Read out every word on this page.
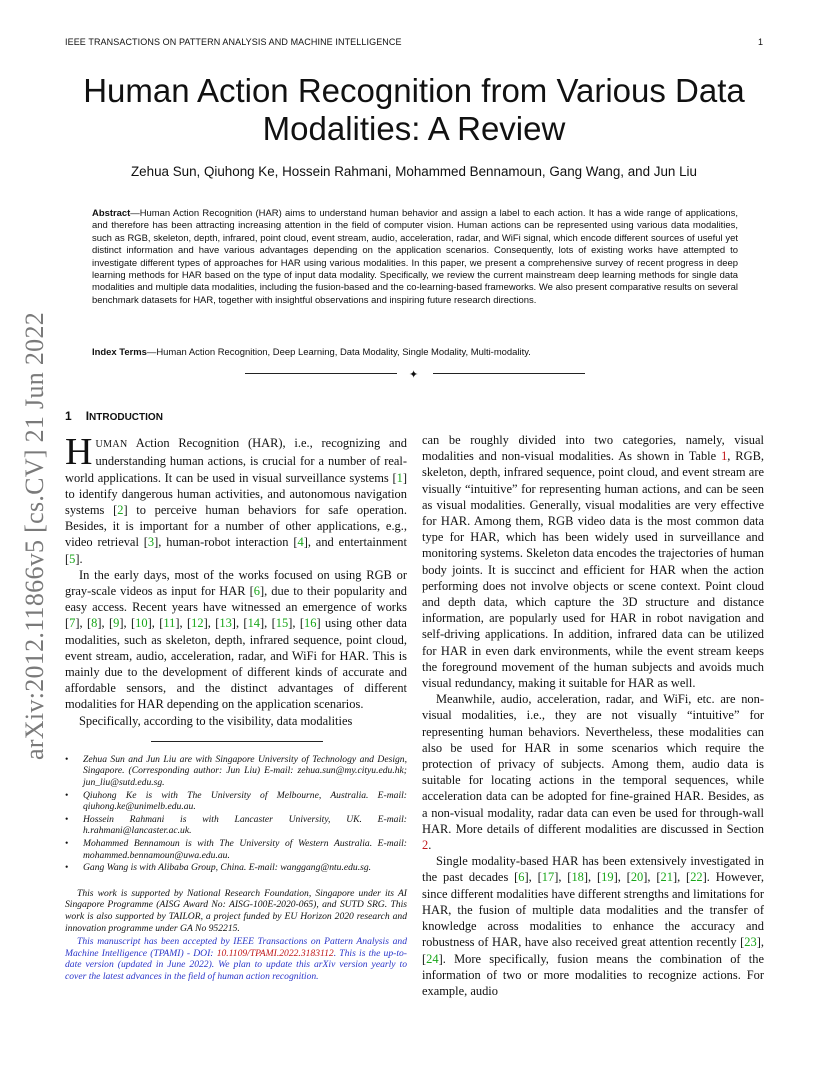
IEEE TRANSACTIONS ON PATTERN ANALYSIS AND MACHINE INTELLIGENCE	1
Human Action Recognition from Various Data Modalities: A Review
Zehua Sun, Qiuhong Ke, Hossein Rahmani, Mohammed Bennamoun, Gang Wang, and Jun Liu
Abstract—Human Action Recognition (HAR) aims to understand human behavior and assign a label to each action. It has a wide range of applications, and therefore has been attracting increasing attention in the field of computer vision. Human actions can be represented using various data modalities, such as RGB, skeleton, depth, infrared, point cloud, event stream, audio, acceleration, radar, and WiFi signal, which encode different sources of useful yet distinct information and have various advantages depending on the application scenarios. Consequently, lots of existing works have attempted to investigate different types of approaches for HAR using various modalities. In this paper, we present a comprehensive survey of recent progress in deep learning methods for HAR based on the type of input data modality. Specifically, we review the current mainstream deep learning methods for single data modalities and multiple data modalities, including the fusion-based and the co-learning-based frameworks. We also present comparative results on several benchmark datasets for HAR, together with insightful observations and inspiring future research directions.
Index Terms—Human Action Recognition, Deep Learning, Data Modality, Single Modality, Multi-modality.
✦
arXiv:2012.11866v5 [cs.CV] 21 Jun 2022 1 INTRODUCTION

HUMAN Action Recognition (HAR), i.e., recognizing and understanding human actions, is crucial for a number of real-world applications. It can be used in visual surveillance systems [1] to identify dangerous human activities, and autonomous navigation systems [2] to perceive human behaviors for safe operation. Besides, it is important for a number of other applications, e.g., video retrieval [3], human-robot interaction [4], and entertainment [5].

In the early days, most of the works focused on using RGB or gray-scale videos as input for HAR [6], due to their popularity and easy access. Recent years have witnessed an emergence of works [7], [8], [9], [10], [11], [12], [13], [14], [15], [16] using other data modalities, such as skeleton, depth, infrared sequence, point cloud, event stream, audio, acceleration, radar, and WiFi for HAR. This is mainly due to the development of different kinds of accurate and affordable sensors, and the distinct advantages of different modalities for HAR depending on the application scenarios.

Specifically, according to the visibility, data modalities

• Zehua Sun and Jun Liu are with Singapore University of Technology and Design, Singapore. (Corresponding author: Jun Liu) E-mail: zehua.sun@my.cityu.edu.hk; jun_liu@sutd.edu.sg.
• Qiuhong Ke is with The University of Melbourne, Australia. E-mail: qiuhong.ke@unimelb.edu.au.
• Hossein Rahmani is with Lancaster University, UK. E-mail: h.rahmani@lancaster.ac.uk.
• Mohammed Bennamoun is with The University of Western Australia. E-mail: mohammed.bennamoun@uwa.edu.au.
• Gang Wang is with Alibaba Group, China. E-mail: wanggang@ntu.edu.sg.

This work is supported by National Research Foundation, Singapore under its AI Singapore Programme (AISG Award No: AISG-100E-2020-065), and SUTD SRG. This work is also supported by TAILOR, a project funded by EU Horizon 2020 research and innovation programme under GA No 952215.

This manuscript has been accepted by IEEE Transactions on Pattern Analysis and Machine Intelligence (TPAMI) - DOI: 10.1109/TPAMI.2022.3183112. This is the up-to-date version (updated in June 2022). We plan to update this arXiv version yearly to cover the latest advances in the field of human action recognition.

can be roughly divided into two categories, namely, visual modalities and non-visual modalities. As shown in Table 1, RGB, skeleton, depth, infrared sequence, point cloud, and event stream are visually “intuitive” for representing human actions, and can be seen as visual modalities. Generally, visual modalities are very effective for HAR. Among them, RGB video data is the most common data type for HAR, which has been widely used in surveillance and monitoring systems. Skeleton data encodes the trajectories of human body joints. It is succinct and efficient for HAR when the action performing does not involve objects or scene context. Point cloud and depth data, which capture the 3D structure and distance information, are popularly used for HAR in robot navigation and self-driving applications. In addition, infrared data can be utilized for HAR in even dark environments, while the event stream keeps the foreground movement of the human subjects and avoids much visual redundancy, making it suitable for HAR as well.

Meanwhile, audio, acceleration, radar, and WiFi, etc. are non-visual modalities, i.e., they are not visually “intuitive” for representing human behaviors. Nevertheless, these modalities can also be used for HAR in some scenarios which require the protection of privacy of subjects. Among them, audio data is suitable for locating actions in the temporal sequences, while acceleration data can be adopted for fine-grained HAR. Besides, as a non-visual modality, radar data can even be used for through-wall HAR. More details of different modalities are discussed in Section 2.

Single modality-based HAR has been extensively investigated in the past decades [6], [17], [18], [19], [20], [21], [22]. However, since different modalities have different strengths and limitations for HAR, the fusion of multiple data modalities and the transfer of knowledge across modalities to enhance the accuracy and robustness of HAR, have also received great attention recently [23], [24]. More specifically, fusion means the combination of the information of two or more modalities to recognize actions. For example, audio
